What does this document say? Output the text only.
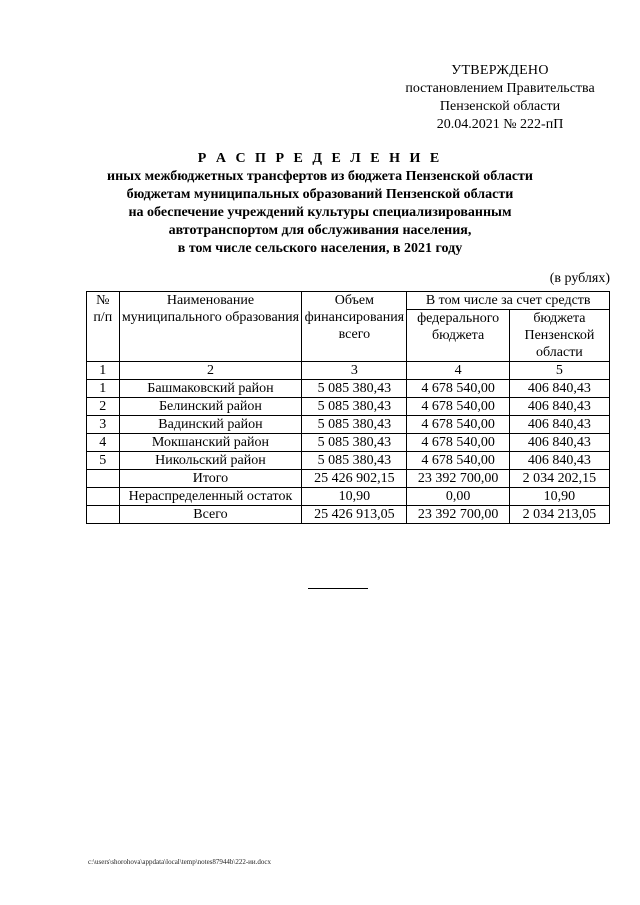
УТВЕРЖДЕНО
постановлением Правительства
Пензенской области
20.04.2021 № 222-пП
Р А С П Р Е Д Е Л Е Н И Е
иных межбюджетных трансфертов из бюджета Пензенской области
бюджетам муниципальных образований Пензенской области
на обеспечение учреждений культуры специализированным
автотранспортом для обслуживания населения,
в том числе сельского населения, в 2021 году
(в рублях)
№ п/п	Наименование муниципального образования	Объем финансирования всего	В том числе за счет средств	
			федерального бюджета	бюджета Пензенской области
1	2	3	4	5
1	Башмаковский район	5 085 380,43	4 678 540,00	406 840,43
2	Белинский район	5 085 380,43	4 678 540,00	406 840,43
3	Вадинский район	5 085 380,43	4 678 540,00	406 840,43
4	Мокшанский район	5 085 380,43	4 678 540,00	406 840,43
5	Никольский район	5 085 380,43	4 678 540,00	406 840,43
	Итого	25 426 902,15	23 392 700,00	2 034 202,15
	Нераспределенный остаток	10,90	0,00	10,90
	Всего	25 426 913,05	23 392 700,00	2 034 213,05
c:\users\shorohova\appdata\local\temp\notes87944b\222-ии.docx
